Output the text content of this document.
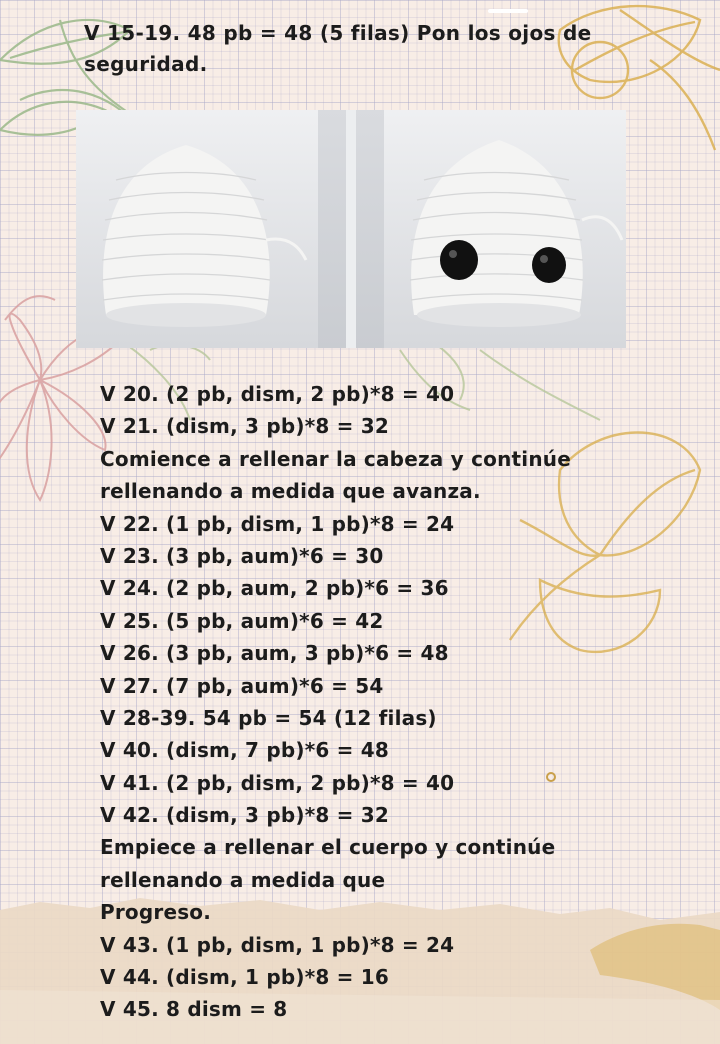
V 15-19. 48 pb = 48 (5 filas) Pon los ojos de seguridad.
V 20. (2 pb, dism, 2 pb)*8 = 40
V 21. (dism, 3 pb)*8 = 32
Comience a rellenar la cabeza y continúe
rellenando a medida que avanza.
V 22. (1 pb, dism, 1 pb)*8 = 24
V 23. (3 pb, aum)*6 = 30
V 24. (2 pb, aum, 2 pb)*6 = 36
V 25. (5 pb, aum)*6 = 42
V 26. (3 pb, aum, 3 pb)*6 = 48
V 27. (7 pb, aum)*6 = 54
V 28-39. 54 pb = 54 (12 filas)
V 40. (dism, 7 pb)*6 = 48
V 41. (2 pb, dism, 2 pb)*8 = 40
V 42. (dism, 3 pb)*8 = 32
Empiece a rellenar el cuerpo y continúe
rellenando a medida que
Progreso.
V 43. (1 pb, dism, 1 pb)*8 = 24
V 44. (dism, 1 pb)*8 = 16
V 45. 8 dism = 8
